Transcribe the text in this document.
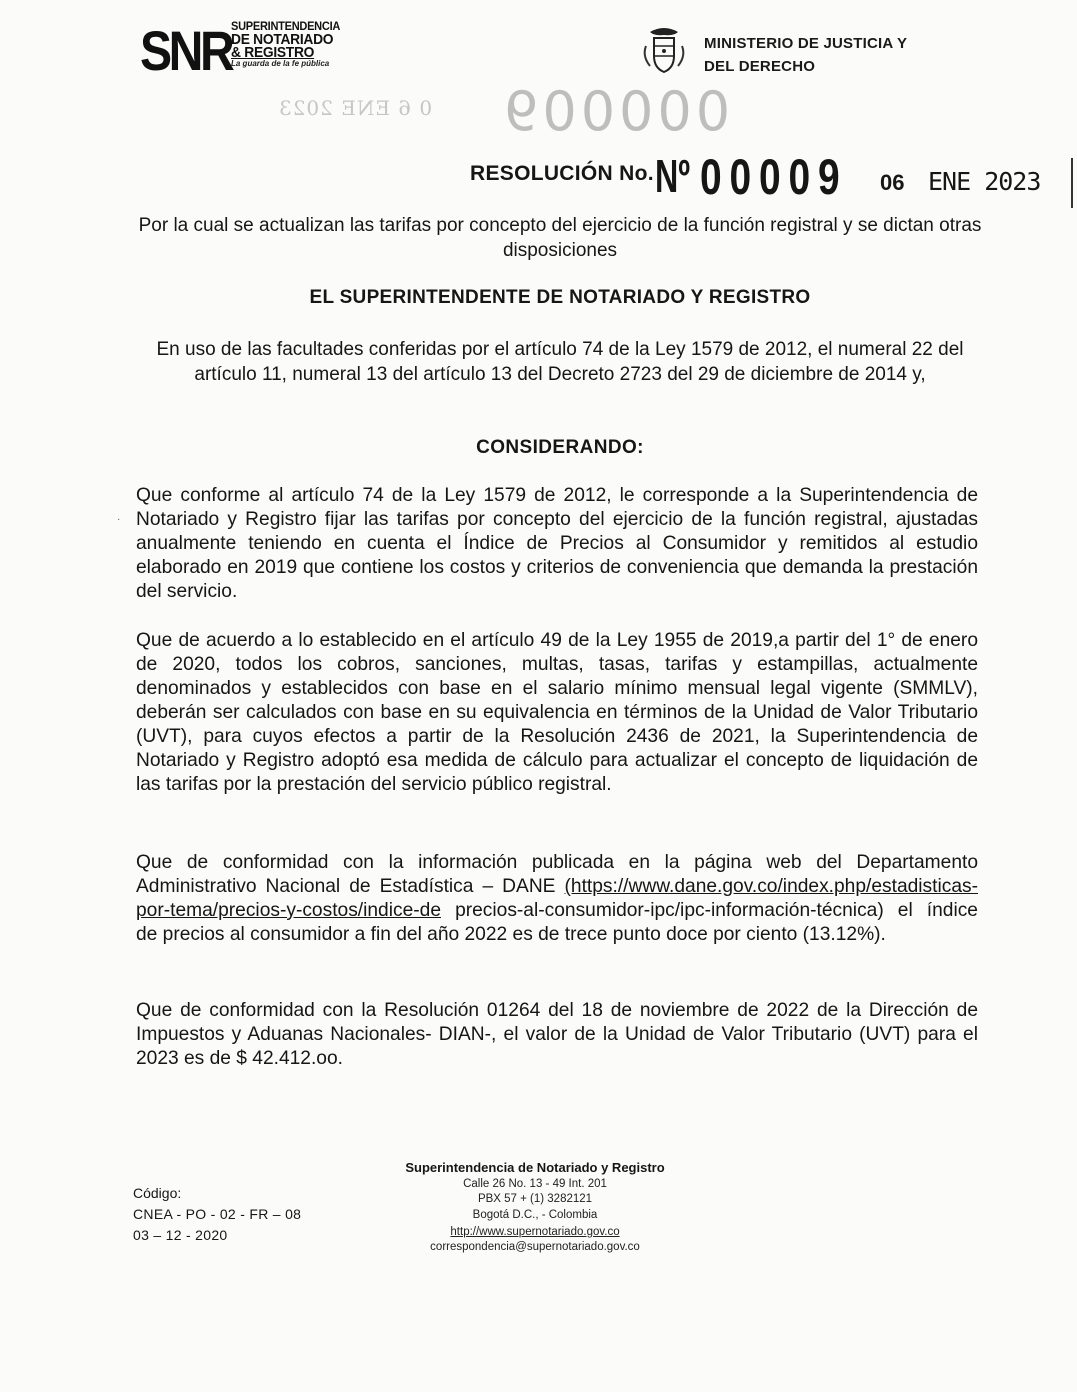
SNR SUPERINTENDENCIA
DE NOTARIADO
& REGISTRO
La guarda de la fe pública
MINISTERIO DE JUSTICIA Y
DEL DERECHO
0 6 ENE 2023 000009
RESOLUCIÓN No. Nº 00009 06 ENE 2023
Por la cual se actualizan las tarifas por concepto del ejercicio de la función registral y se dictan otras disposiciones
EL SUPERINTENDENTE DE NOTARIADO Y REGISTRO
En uso de las facultades conferidas por el artículo 74 de la Ley 1579 de 2012, el numeral 22 del artículo 11, numeral 13 del artículo 13 del Decreto 2723 del 29 de diciembre de 2014 y,
CONSIDERANDO:
·
Que conforme al artículo 74 de la Ley 1579 de 2012, le corresponde a la Superintendencia de Notariado y Registro fijar las tarifas por concepto del ejercicio de la función registral, ajustadas anualmente teniendo en cuenta el Índice de Precios al Consumidor y remitidos al estudio elaborado en 2019 que contiene los costos y criterios de conveniencia que demanda la prestación del servicio.
Que de acuerdo a lo establecido en el artículo 49 de la Ley 1955 de 2019,a partir del 1° de enero de 2020, todos los cobros, sanciones, multas, tasas, tarifas y estampillas, actualmente denominados y establecidos con base en el salario mínimo mensual legal vigente (SMMLV), deberán ser calculados con base en su equivalencia en términos de la Unidad de Valor Tributario (UVT), para cuyos efectos a partir de la Resolución 2436 de 2021, la Superintendencia de Notariado y Registro adoptó esa medida de cálculo para actualizar el concepto de liquidación de las tarifas por la prestación del servicio público registral.
Que de conformidad con la información publicada en la página web del Departamento Administrativo Nacional de Estadística – DANE (https://www.dane.gov.co/index.php/estadisticas-por-tema/precios-y-costos/indice-de precios-al-consumidor-ipc/ipc-información-técnica) el índice de precios al consumidor a fin del año 2022 es de trece punto doce por ciento (13.12%).
Que de conformidad con la Resolución 01264 del 18 de noviembre de 2022 de la Dirección de Impuestos y Aduanas Nacionales- DIAN-, el valor de la Unidad de Valor Tributario (UVT) para el 2023 es de $ 42.412.oo.
Superintendencia de Notariado y Registro
Calle 26 No. 13 - 49 Int. 201
PBX 57 + (1) 3282121
Bogotá D.C., - Colombia
http://www.supernotariado.gov.co
correspondencia@supernotariado.gov.co
Código:
CNEA - PO - 02 - FR – 08
03 – 12 - 2020
